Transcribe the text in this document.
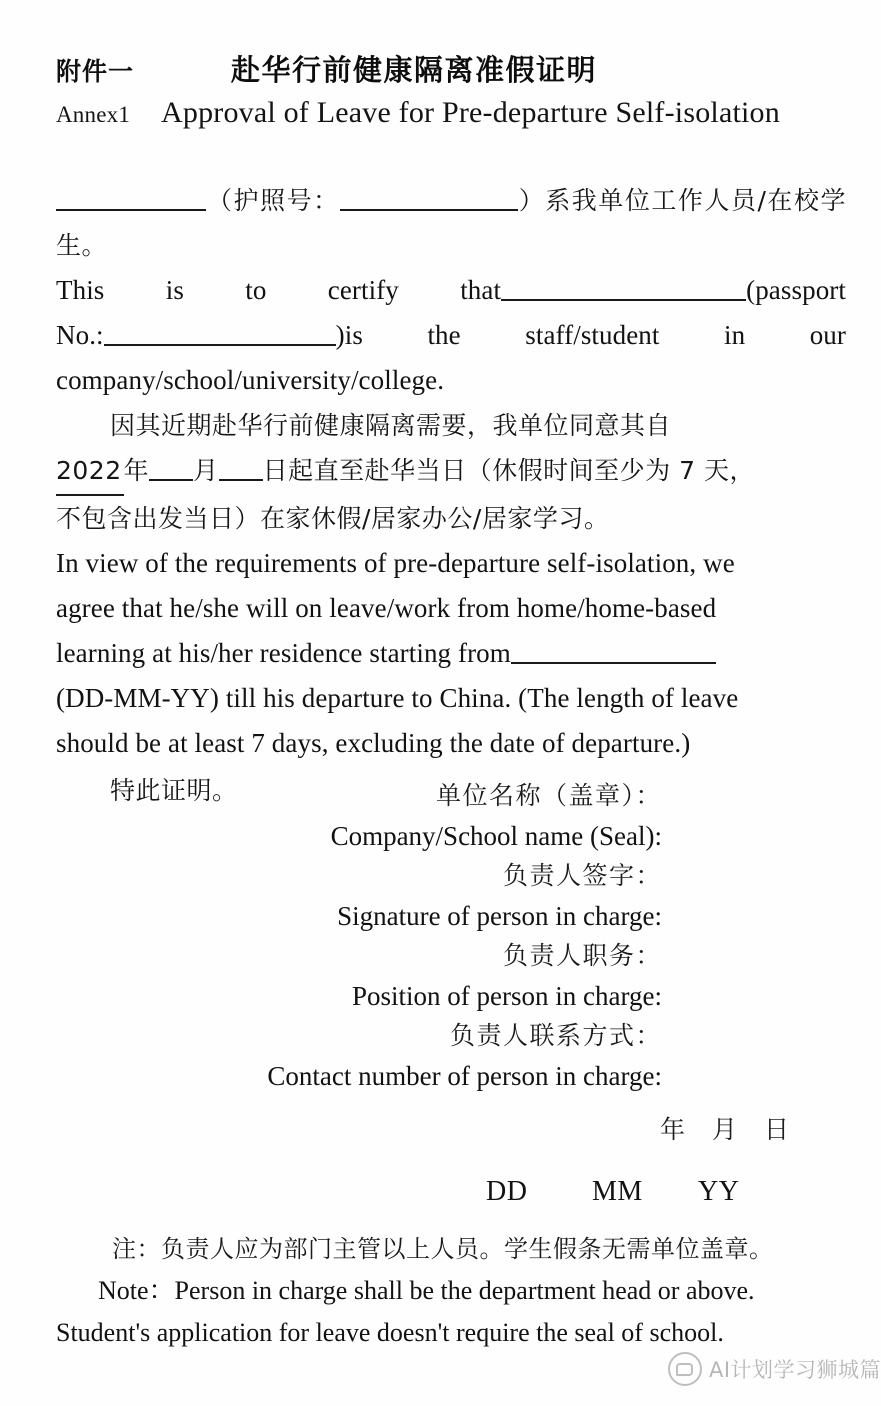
附件一	赴华行前健康隔离准假证明
Annex1	Approval of Leave for Pre-departure Self-isolation

（护照号：	）系我单位工作人员/在校学生。

This is to certify that	(passport

No.:	)is the staff/student in our

company/school/university/college.

因其近期赴华行前健康隔离需要，我单位同意其自

2022年 月 日起直至赴华当日（休假时间至少为 7 天，

不包含出发当日）在家休假/居家办公/居家学习。

In view of the requirements of pre-departure self-isolation, we

agree that he/she will on leave/work from home/home-based

learning at his/her residence starting from

(DD-MM-YY) till his departure to China. (The length of leave

should be at least 7 days, excluding the date of departure.)

特此证明。	单位名称（盖章）：
Company/School name (Seal):
负责人签字：
Signature of person in charge:
负责人职务：
Position of person in charge:
负责人联系方式：
Contact number of person in charge:
年 月 日
DD MM YY
注：负责人应为部门主管以上人员。学生假条无需单位盖章。
Note：Person in charge shall be the department head or above.
Student's application for leave doesn't require the seal of school.
AI计划学习狮城篇
